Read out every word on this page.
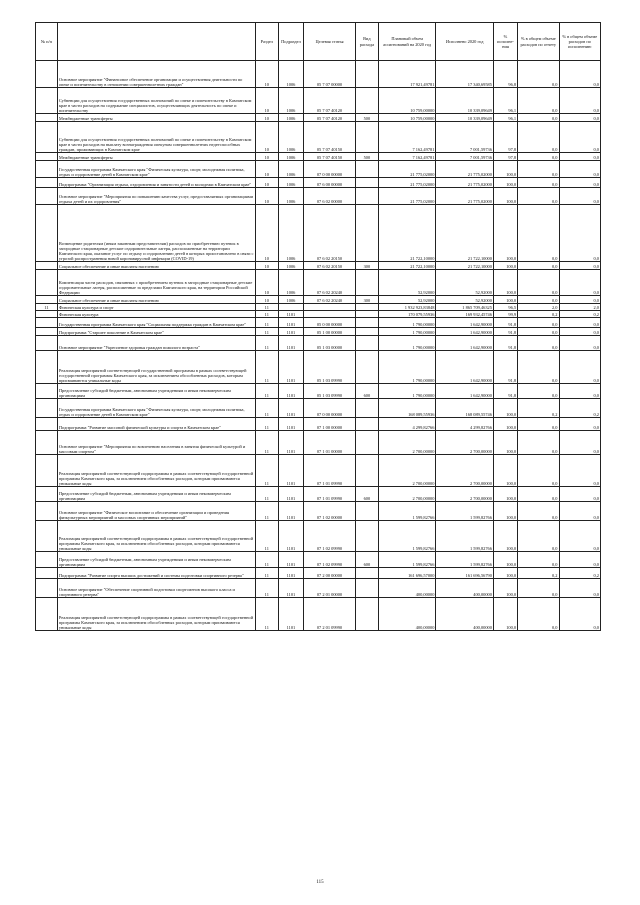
№ п/п		Раздел	Подраздел	Целевая статья	Вид расхода	Плановый объем ассигнований на 2020 год	Исполнено 2020 год	% исполне-ния	% в общем объеме расходов по отчету	% в общем объеме расходов по исполнению
	Основное мероприятие "Финансовое обеспечение организации и осуществления деятельности по опеке и попечительству в отношении совершеннолетних граждан"	10	1006	05 7 07 00000		17 921,49781	17 340,69585	96,8	0,0	0,0
	Субвенции для осуществления государственных полномочий по опеке и попечительству в Камчатском крае в части расходов на содержание специалистов, осуществляющих деятельность по опеке и попечительству	10	1006	05 7 07 40120		10 759,00000	10 339,09649	96,1	0,0	0,0
	Межбюджетные трансферты	10	1006	05 7 07 40120	500	10 759,00000	10 339,09649	96,1	0,0	0,0
	Субвенции для осуществления государственных полномочий по опеке и попечительству в Камчатском крае в части расходов на выплату вознаграждения опекунам совершеннолетних недееспособных граждан, проживающих в Камчатском крае	10	1006	05 7 07 40150		7 162,49781	7 001,59736	97,8	0,0	0,0
	Межбюджетные трансферты	10	1006	05 7 07 40150	500	7 162,49781	7 001,59736	97,8	0,0	0,0
	Государственная программа Камчатского края "Физическая культура, спорт, молодежная политика, отдых и оздоровление детей в Камчатском крае"	10	1006	07 0 00 00000		21 775,02000	21 775,02000	100,0	0,0	0,0
	Подпрограмма "Организация отдыха, оздоровления и занятости детей и молодежи в Камчатском крае"	10	1006	07 6 00 00000		21 775,02000	21 775,02000	100,0	0,0	0,0
	Основное мероприятие "Мероприятия по повышению качества услуг, предоставляемых организациями отдыха детей и их оздоровления"	10	1006	07 6 02 00000		21 775,02000	21 775,02000	100,0	0,0	0,0
	Возмещение родителям (иным законным представителям) расходов по приобретению путевок в загородные стационарные детские оздоровительные лагеря, расположенные на территории Камчатского края, оказание услуг по отдыху и оздоровлению детей в которых приостановлено в связи с угрозой распространения новой коронавирусной инфекции (COVID-19)	10	1006	07 6 02 20150		21 722,10000	21 722,10000	100,0	0,0	0,0
	Социальное обеспечение и иные выплаты населению	10	1006	07 6 02 20150	300	21 722,10000	21 722,10000	100,0	0,0	0,0
	Компенсация части расходов, связанных с приобретением путевок в загородные стационарные детские оздоровительные лагеря, расположенные за пределами Камчатского края, на территории Российской Федерации	10	1006	07 6 02 20240		52,92000	52,92000	100,0	0,0	0,0
	Социальное обеспечение и иные выплаты населению	10	1006	07 6 02 20240	300	52,92000	52,92000	100,0	0,0	0,0
11	Физическая культура и спорт	11				1 932 923,83848	1 865 709,46325	96,5	2,0	2,0
	Физическая культура	11	1101			170 079,55936	169 932,45746	99,9	0,2	0,2
	Государственная программа Камчатского края "Социальная поддержка граждан в Камчатском крае"	11	1101	05 0 00 00000		1 790,00000	1 642,90000	91,8	0,0	0,0
	Подпрограмма "Старшее поколение в Камчатском крае"	11	1101	05 1 00 00000		1 790,00000	1 642,90000	91,8	0,0	0,0
	Основное мероприятие "Укрепление здоровья граждан пожилого возраста"	11	1101	05 1 03 00000		1 790,00000	1 642,90000	91,8	0,0	0,0
	Реализация мероприятий соответствующей государственной программы в рамках соответствующей государственной программы Камчатского края, за исключением обособленных расходов, которым присваиваются уникальные коды	11	1101	05 1 03 09990		1 790,00000	1 642,90000	91,8	0,0	0,0
	Предоставление субсидий бюджетным, автономным учреждениям и иным некоммерческим организациям	11	1101	05 1 03 09990	600	1 790,00000	1 642,90000	91,8	0,0	0,0
	Государственная программа Камчатского края "Физическая культура, спорт, молодежная политика, отдых и оздоровление детей в Камчатском крае"	11	1101	07 0 00 00000		168 089,55936	168 089,55746	100,0	0,2	0,2
	Подпрограмма "Развитие массовой физической культуры и спорта в Камчатском крае"	11	1101	07 1 00 00000		4 299,82766	4 299,82766	100,0	0,0	0,0
	Основное мероприятие "Мероприятия по вовлечению населения в занятия физической культурой и массовым спортом"	11	1101	07 1 01 00000		2 700,00000	2 700,00000	100,0	0,0	0,0
	Реализация мероприятий соответствующей подпрограммы в рамках соответствующей государственной программы Камчатского края, за исключением обособленных расходов, которым присваиваются уникальные коды	11	1101	07 1 01 09990		2 700,00000	2 700,00000	100,0	0,0	0,0
	Предоставление субсидий бюджетным, автономным учреждениям и иным некоммерческим организациям	11	1101	07 1 01 09990	600	2 700,00000	2 700,00000	100,0	0,0	0,0
	Основное мероприятие "Физическое воспитание и обеспечение организации и проведения физкультурных мероприятий и массовых спортивных мероприятий"	11	1101	07 1 02 00000		1 599,82766	1 599,82766	100,0	0,0	0,0
	Реализация мероприятий соответствующей подпрограммы в рамках соответствующей государственной программы Камчатского края, за исключением обособленных расходов, которым присваиваются уникальные коды	11	1101	07 1 02 09990		1 599,82766	1 599,82766	100,0	0,0	0,0
	Предоставление субсидий бюджетным, автономным учреждениям и иным некоммерческим организациям	11	1101	07 1 02 09990	600	1 599,82766	1 599,82766	100,0	0,0	0,0
	Подпрограмма "Развитие спорта высших достижений и системы подготовки спортивного резерва"	11	1101	07 2 00 00000		161 696,57000	161 696,56790	100,0	0,2	0,2
	Основное мероприятие "Обеспечение спортивной подготовки спортсменов высокого класса и спортивного резерва"	11	1101	07 2 01 00000		400,00000	400,00000	100,0	0,0	0,0
	Реализация мероприятий соответствующей подпрограммы в рамках соответствующей государственной программы Камчатского края, за исключением обособленных расходов, которым присваиваются уникальные коды	11	1101	07 2 01 09990		400,00000	400,00000	100,0	0,0	0,0
115
